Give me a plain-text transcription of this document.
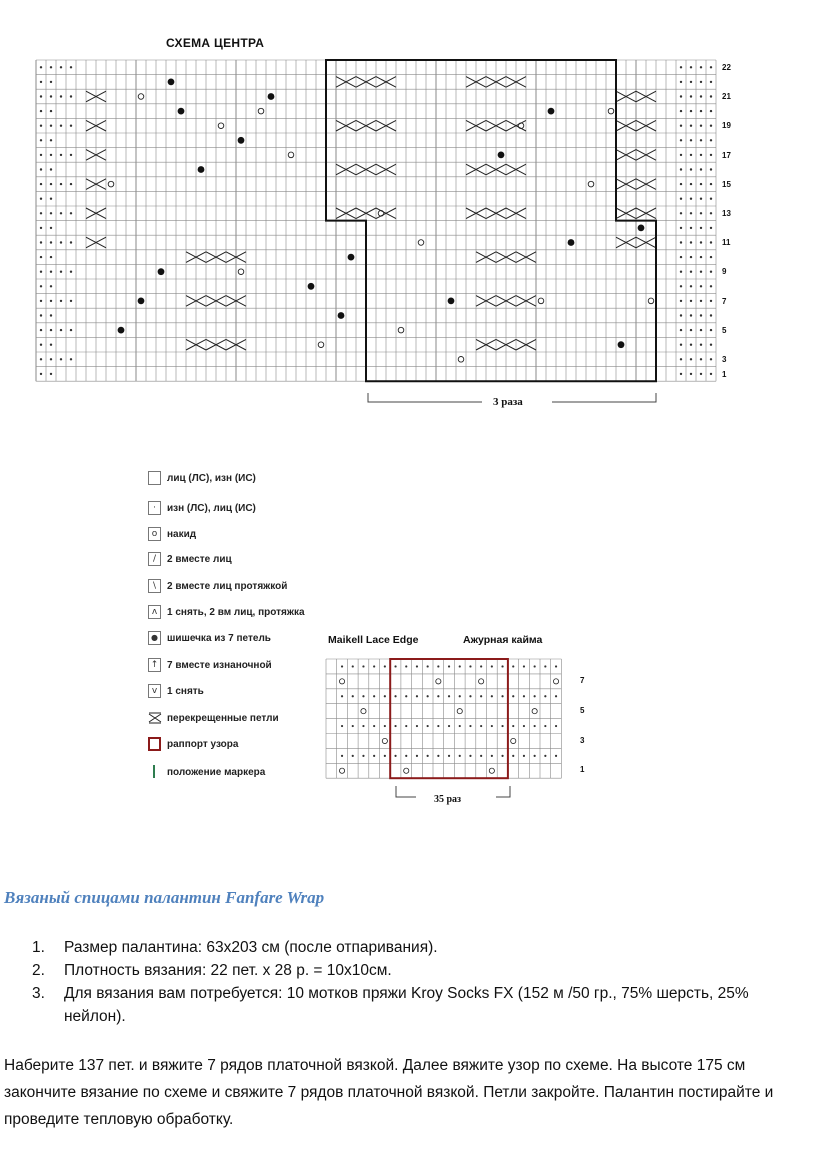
СХЕМА ЦЕНТРА
22
21
19
17
15
13
11
9
7
5
3
1
3 раза
лиц (ЛС), изн (ИС)
·	изн (ЛС), лиц (ИС)
o накид
/	2 вместе лиц
\	2 вместе лиц протяжкой
ʌ 1 снять, 2 вм лиц, протяжка
● шишечка из 7 петель
↑ 7 вместе изнаночной
v 1 снять
перекрещенные петли
раппорт узора
положение маркера
Maikell Lace Edge	Ажурная кайма
7
5
3
1
35 раз
Вязаный спицами палантин Fanfare Wrap
1. Размер палантина: 63x203 см (после отпаривания).
2. Плотность вязания: 22 пет. х 28 р. = 10х10см.
3. Для вязания вам потребуется: 10 мотков пряжи Kroy Socks FX (152 м /50 гр., 75% шерсть, 25% нейлон).

Наберите 137 пет. и вяжите 7 рядов платочной вязкой. Далее вяжите узор по схеме. На высоте 175 см закончите вязание по схеме и свяжите 7 рядов платочной вязкой. Петли закройте. Палантин постирайте и проведите тепловую обработку.
